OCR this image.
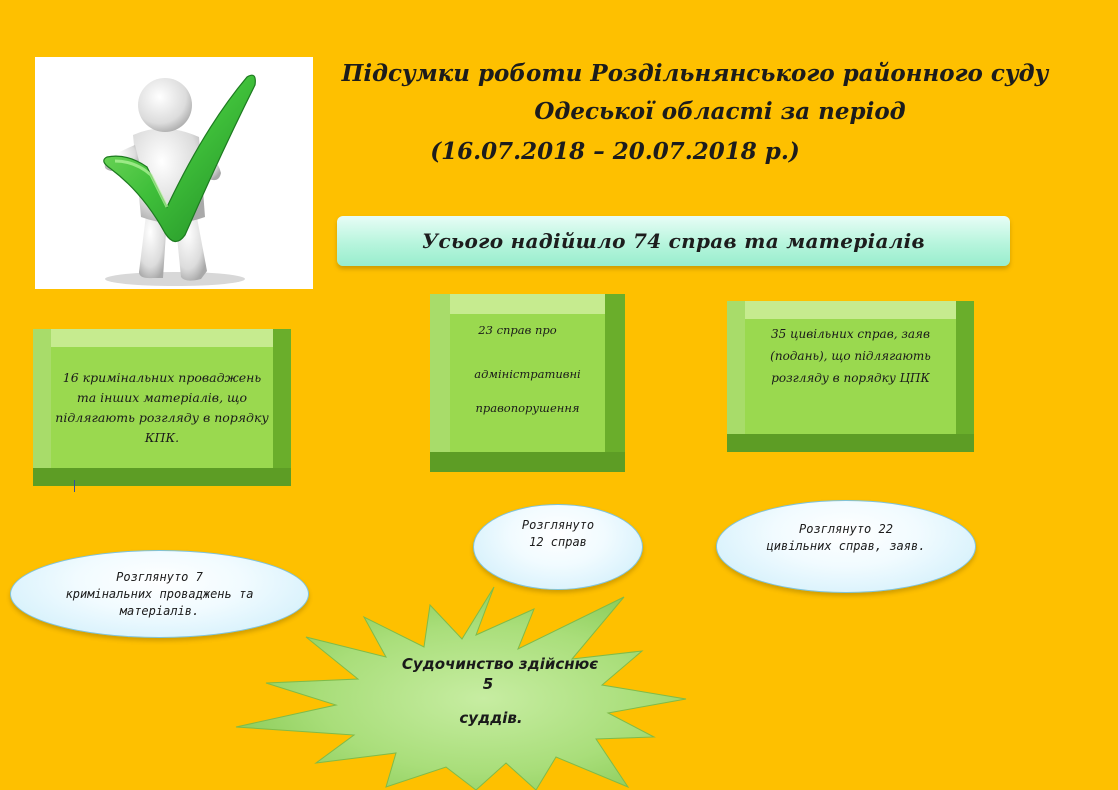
Підсумки роботи Роздільнянського районного суду
Одеської області за період
(16.07.2018 – 20.07.2018 р.)
Усього надійшло 74 справ та матеріалів
16 кримінальних проваджень
та інших матеріалів, що
підлягають розгляду в порядку
КПК.
23 справ про
адміністративні
правопорушення
35 цивільних справ, заяв
(подань), що підлягають
розгляду в порядку ЦПК
Розглянуто 7
кримінальних проваджень та
матеріалів.
Розглянуто
12 справ
Розглянуто 22
цивільних справ, заяв.
Судочинство здійснює
5
суддів.
